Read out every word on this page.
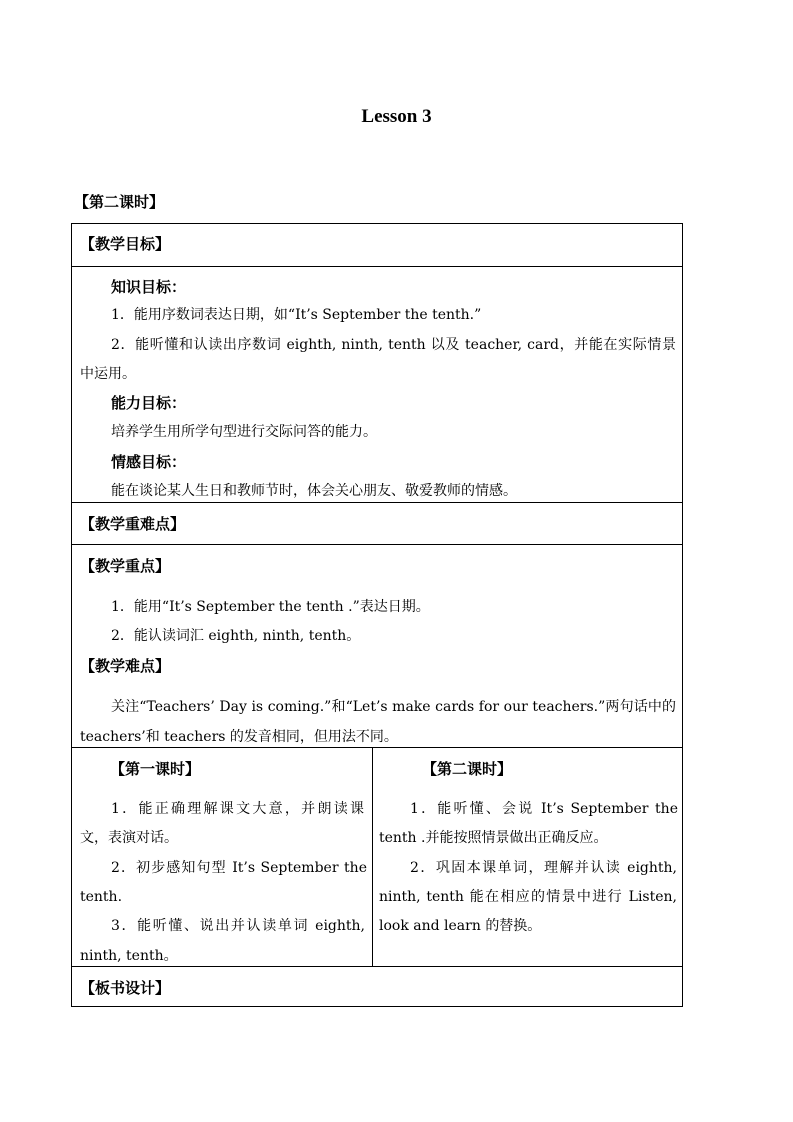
Lesson 3
【第二课时】
【教学目标】
知识目标：
1．能用序数词表达日期，如“It’s September the tenth.”
2．能听懂和认读出序数词 eighth, ninth, tenth 以及 teacher, card，并能在实际情景
中运用。
能力目标：
培养学生用所学句型进行交际问答的能力。
情感目标：
能在谈论某人生日和教师节时，体会关心朋友、敬爱教师的情感。
【教学重难点】
【教学重点】
1．能用“It’s September the tenth .”表达日期。
2．能认读词汇 eighth, ninth, tenth。
【教学难点】
关注“Teachers’ Day is coming.”和“Let’s make cards for our teachers.”两句话中的
teachers’和 teachers 的发音相同，但用法不同。
【第一课时】
1．能正确理解课文大意，并朗读课
文，表演对话。
2．初步感知句型 It’s September the
tenth.
3．能听懂、说出并认读单词 eighth,
ninth, tenth。
【第二课时】
1．能听懂、会说 It’s September the
tenth .并能按照情景做出正确反应。
2．巩固本课单词，理解并认读 eighth,
ninth, tenth 能在相应的情景中进行 Listen,
look and learn 的替换。
【板书设计】
